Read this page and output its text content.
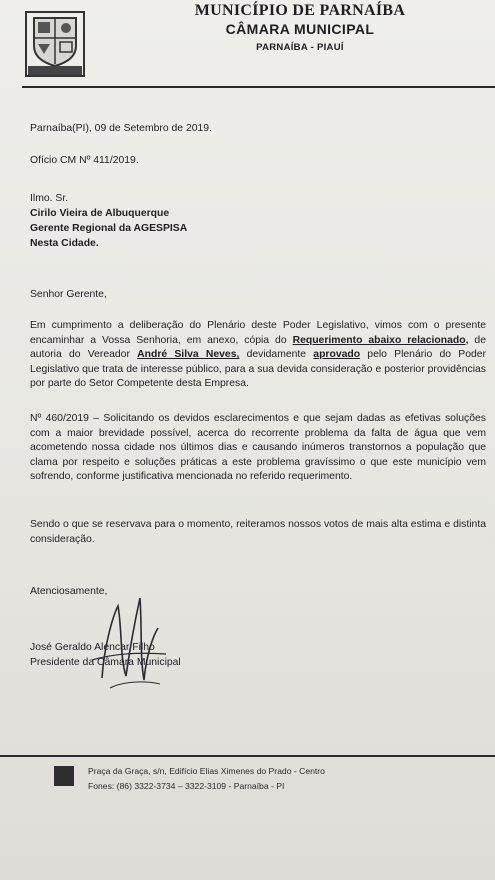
MUNICÍPIO DE PARNAÍBA
CÂMARA MUNICIPAL
PARNAÍBA - PIAUÍ
Parnaíba(PI), 09 de Setembro de 2019.
Ofício CM Nº 411/2019.
Ilmo. Sr.
Cirilo Vieira de Albuquerque
Gerente Regional da AGESPISA
Nesta Cidade.
Senhor Gerente,
Em cumprimento a deliberação do Plenário deste Poder Legislativo, vimos com o presente encaminhar a Vossa Senhoria, em anexo, cópia do Requerimento abaixo relacionado, de autoria do Vereador André Silva Neves, devidamente aprovado pelo Plenário do Poder Legislativo que trata de interesse público, para a sua devida consideração e posterior providências por parte do Setor Competente desta Empresa.
Nº 460/2019 – Solicitando os devidos esclarecimentos e que sejam dadas as efetivas soluções com a maior brevidade possível, acerca do recorrente problema da falta de água que vem acometendo nossa cidade nos últimos dias e causando inúmeros transtornos a população que clama por respeito e soluções práticas a este problema gravíssimo o que este município vem sofrendo, conforme justificativa mencionada no referido requerimento.
Sendo o que se reservava para o momento, reiteramos nossos votos de mais alta estima e distinta consideração.
Atenciosamente,
José Geraldo Alencar Filho
Presidente da Câmara Municipal
Praça da Graça, s/n, Edifício Elias Ximenes do Prado - Centro
Fones: (86) 3322-3734 – 3322-3109 - Parnaíba - PI
